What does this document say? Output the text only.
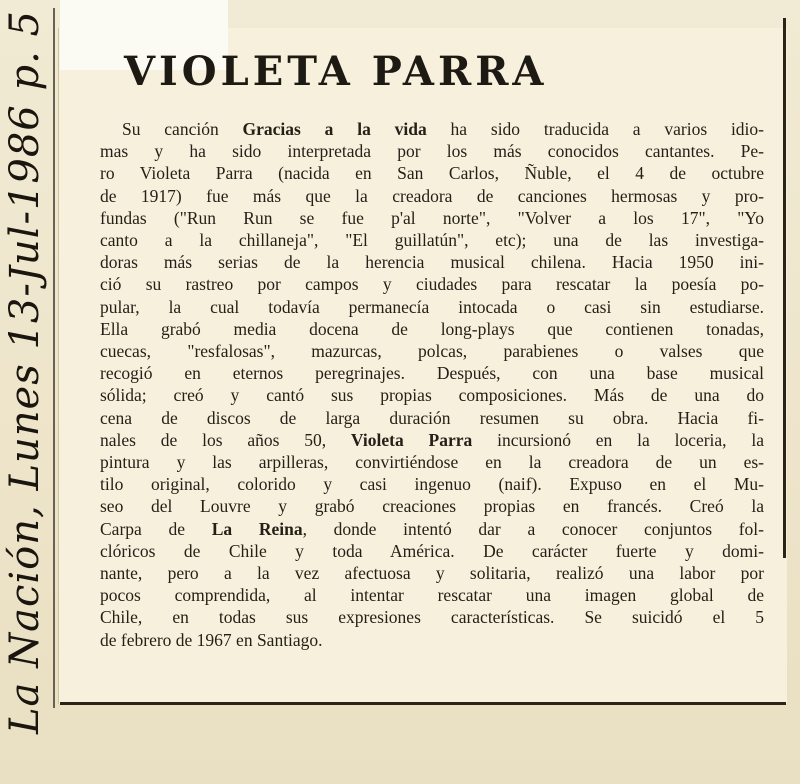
La Nación, Lunes 13-Jul-1986 p. 5	VIOLETA PARRA
Su canción Gracias a la vida ha sido traducida a varios idio-
mas y ha sido interpretada por los más conocidos cantantes. Pe-
ro Violeta Parra (nacida en San Carlos, Ñuble, el 4 de octubre
de 1917) fue más que la creadora de canciones hermosas y pro-
fundas ("Run Run se fue p'al norte", "Volver a los 17", "Yo
canto a la chillaneja", "El guillatún", etc); una de las investiga-
doras más serias de la herencia musical chilena. Hacia 1950 ini-
ció su rastreo por campos y ciudades para rescatar la poesía po-
pular, la cual todavía permanecía intocada o casi sin estudiarse.
Ella grabó media docena de long-plays que contienen tonadas,
cuecas, "resfalosas", mazurcas, polcas, parabienes o valses que
recogió en eternos peregrinajes. Después, con una base musical
sólida; creó y cantó sus propias composiciones. Más de una do
cena de discos de larga duración resumen su obra. Hacia fi-
nales de los años 50, Violeta Parra incursionó en la loceria, la
pintura y las arpilleras, convirtiéndose en la creadora de un es-
tilo original, colorido y casi ingenuo (naif). Expuso en el Mu-
seo del Louvre y grabó creaciones propias en francés. Creó la
Carpa de La Reina, donde intentó dar a conocer conjuntos fol-
clóricos de Chile y toda América. De carácter fuerte y domi-
nante, pero a la vez afectuosa y solitaria, realizó una labor por
pocos comprendida, al intentar rescatar una imagen global de
Chile, en todas sus expresiones características. Se suicidó el 5
de febrero de 1967 en Santiago.
